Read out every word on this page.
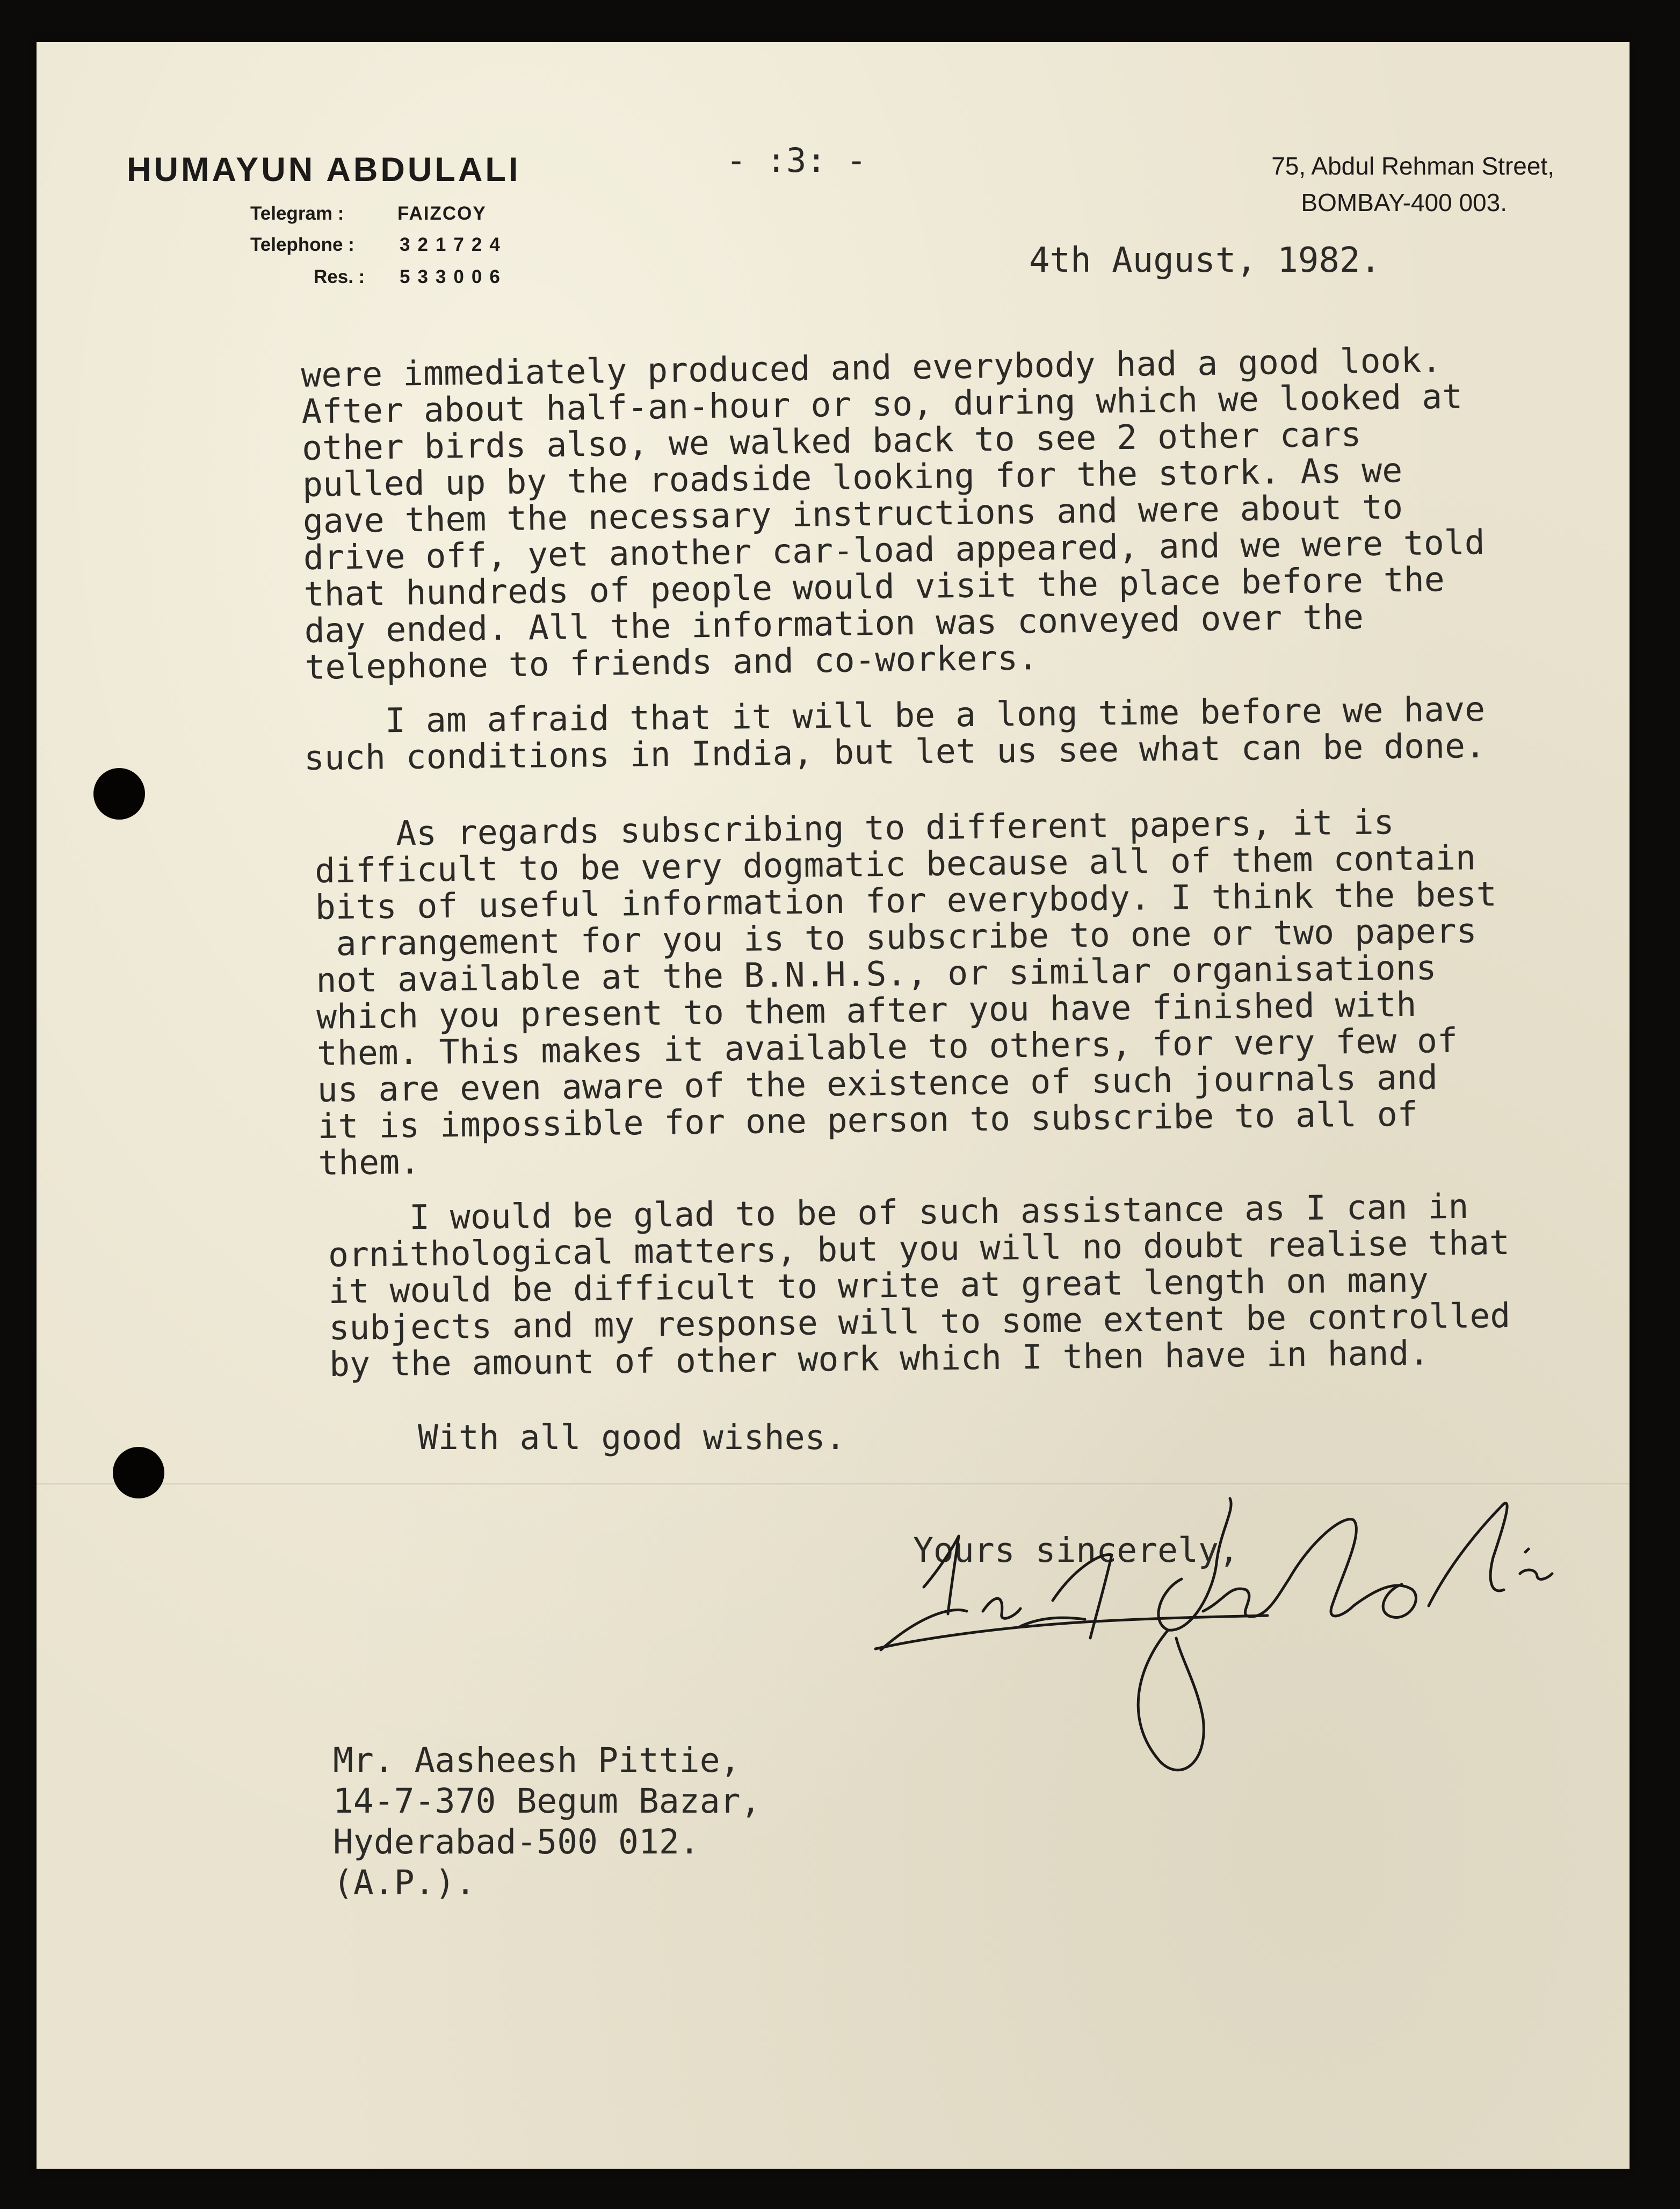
HUMAYUN ABDULALI	- :3: -
Telegram :	FAIZCOY
Telephone : 321724
Res. : 533006
75, Abdul Rehman Street,
BOMBAY-400 003.
4th August, 1982.
were immediately produced and everybody had a good look.
After about half-an-hour or so, during which we looked at
other birds also, we walked back to see 2 other cars
pulled up by the roadside looking for the stork. As we
gave them the necessary instructions and were about to
drive off, yet another car-load appeared, and we were told
that hundreds of people would visit the place before the
day ended. All the information was conveyed over the
telephone to friends and co-workers.
I am afraid that it will be a long time before we have
such conditions in India, but let us see what can be done.
As regards subscribing to different papers, it is
difficult to be very dogmatic because all of them contain
bits of useful information for everybody. I think the best
arrangement for you is to subscribe to one or two papers
not available at the B.N.H.S., or similar organisations
which you present to them after you have finished with
them. This makes it available to others, for very few of
us are even aware of the existence of such journals and
it is impossible for one person to subscribe to all of
them.
I would be glad to be of such assistance as I can in
ornithological matters, but you will no doubt realise that
it would be difficult to write at great length on many
subjects and my response will to some extent be controlled
by the amount of other work which I then have in hand.
With all good wishes.
Yours sincerely,
Mr. Aasheesh Pittie,
14-7-370 Begum Bazar,
Hyderabad-500 012.
(A.P.).
